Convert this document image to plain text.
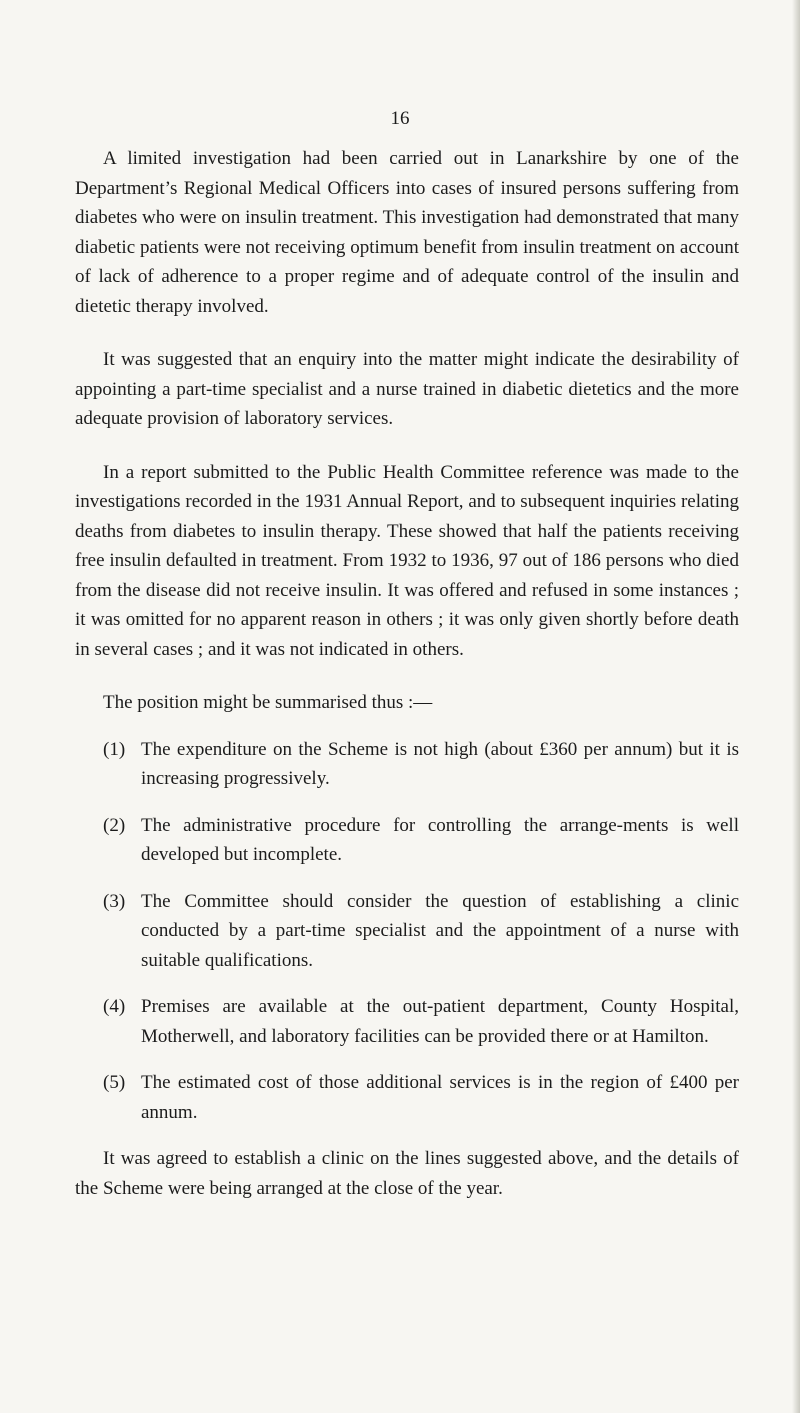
16

A limited investigation had been carried out in Lanarkshire by one of the Department’s Regional Medical Officers into cases of insured persons suffering from diabetes who were on insulin treatment. This investigation had demonstrated that many diabetic patients were not receiving optimum benefit from insulin treatment on account of lack of adherence to a proper regime and of adequate control of the insulin and dietetic therapy involved.

It was suggested that an enquiry into the matter might indicate the desirability of appointing a part-time specialist and a nurse trained in diabetic dietetics and the more adequate provision of laboratory services.

In a report submitted to the Public Health Committee reference was made to the investigations recorded in the 1931 Annual Report, and to subsequent inquiries relating deaths from diabetes to insulin therapy. These showed that half the patients receiving free insulin defaulted in treatment. From 1932 to 1936, 97 out of 186 persons who died from the disease did not receive insulin. It was offered and refused in some instances ; it was omitted for no apparent reason in others ; it was only given shortly before death in several cases ; and it was not indicated in others.

The position might be summarised thus :—

(1) The expenditure on the Scheme is not high (about £360 per annum) but it is increasing progressively.
(2) The administrative procedure for controlling the arrange-ments is well developed but incomplete.
(3) The Committee should consider the question of establishing a clinic conducted by a part-time specialist and the appointment of a nurse with suitable qualifications.
(4) Premises are available at the out-patient department, County Hospital, Motherwell, and laboratory facilities can be provided there or at Hamilton.
(5) The estimated cost of those additional services is in the region of £400 per annum.

It was agreed to establish a clinic on the lines suggested above, and the details of the Scheme were being arranged at the close of the year.
